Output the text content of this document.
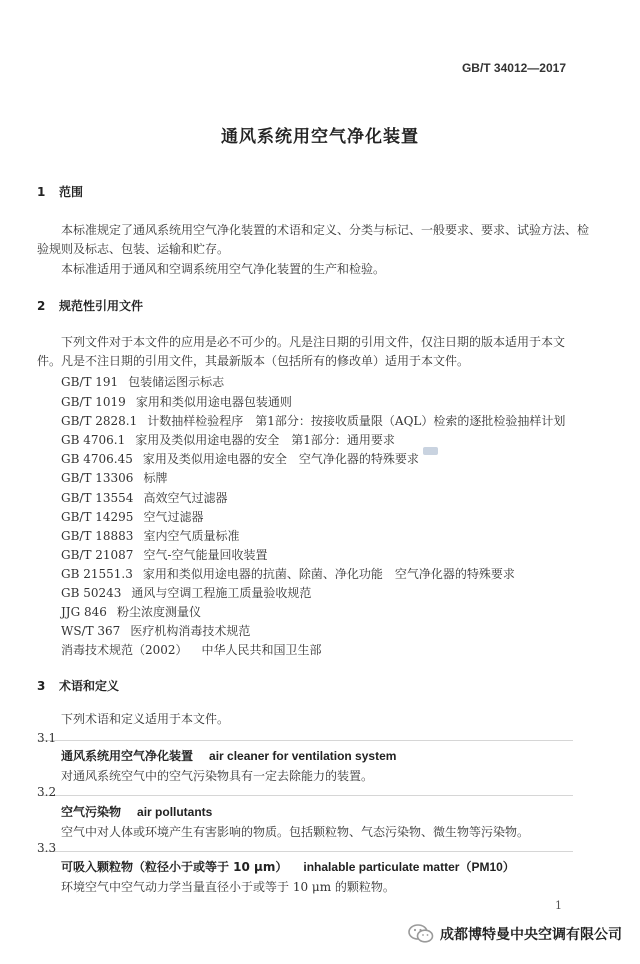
GB/T 34012—2017
通风系统用空气净化装置
1 范围
本标准规定了通风系统用空气净化装置的术语和定义、分类与标记、一般要求、要求、试验方法、检
验规则及标志、包装、运输和贮存。
本标准适用于通风和空调系统用空气净化装置的生产和检验。
2 规范性引用文件
下列文件对于本文件的应用是必不可少的。凡是注日期的引用文件，仅注日期的版本适用于本文
件。凡是不注日期的引用文件，其最新版本（包括所有的修改单）适用于本文件。
GB/T 191 包装储运图示标志
GB/T 1019 家用和类似用途电器包装通则
GB/T 2828.1 计数抽样检验程序　第1部分：按接收质量限（AQL）检索的逐批检验抽样计划
GB 4706.1 家用及类似用途电器的安全　第1部分：通用要求
GB 4706.45 家用及类似用途电器的安全　空气净化器的特殊要求
GB/T 13306 标牌
GB/T 13554 高效空气过滤器
GB/T 14295 空气过滤器
GB/T 18883 室内空气质量标准
GB/T 21087 空气-空气能量回收装置
GB 21551.3 家用和类似用途电器的抗菌、除菌、净化功能　空气净化器的特殊要求
GB 50243 通风与空调工程施工质量验收规范
JJG 846 粉尘浓度测量仪
WS/T 367 医疗机构消毒技术规范
消毒技术规范（2002） 中华人民共和国卫生部
3 术语和定义
下列术语和定义适用于本文件。
3.1
通风系统用空气净化装置 air cleaner for ventilation system
对通风系统空气中的空气污染物具有一定去除能力的装置。
3.2
空气污染物 air pollutants
空气中对人体或环境产生有害影响的物质。包括颗粒物、气态污染物、微生物等污染物。
3.3
可吸入颗粒物（粒径小于或等于 10 μm） inhalable particulate matter（PM10）
环境空气中空气动力学当量直径小于或等于 10 μm 的颗粒物。
1
成都博特曼中央空调有限公司
